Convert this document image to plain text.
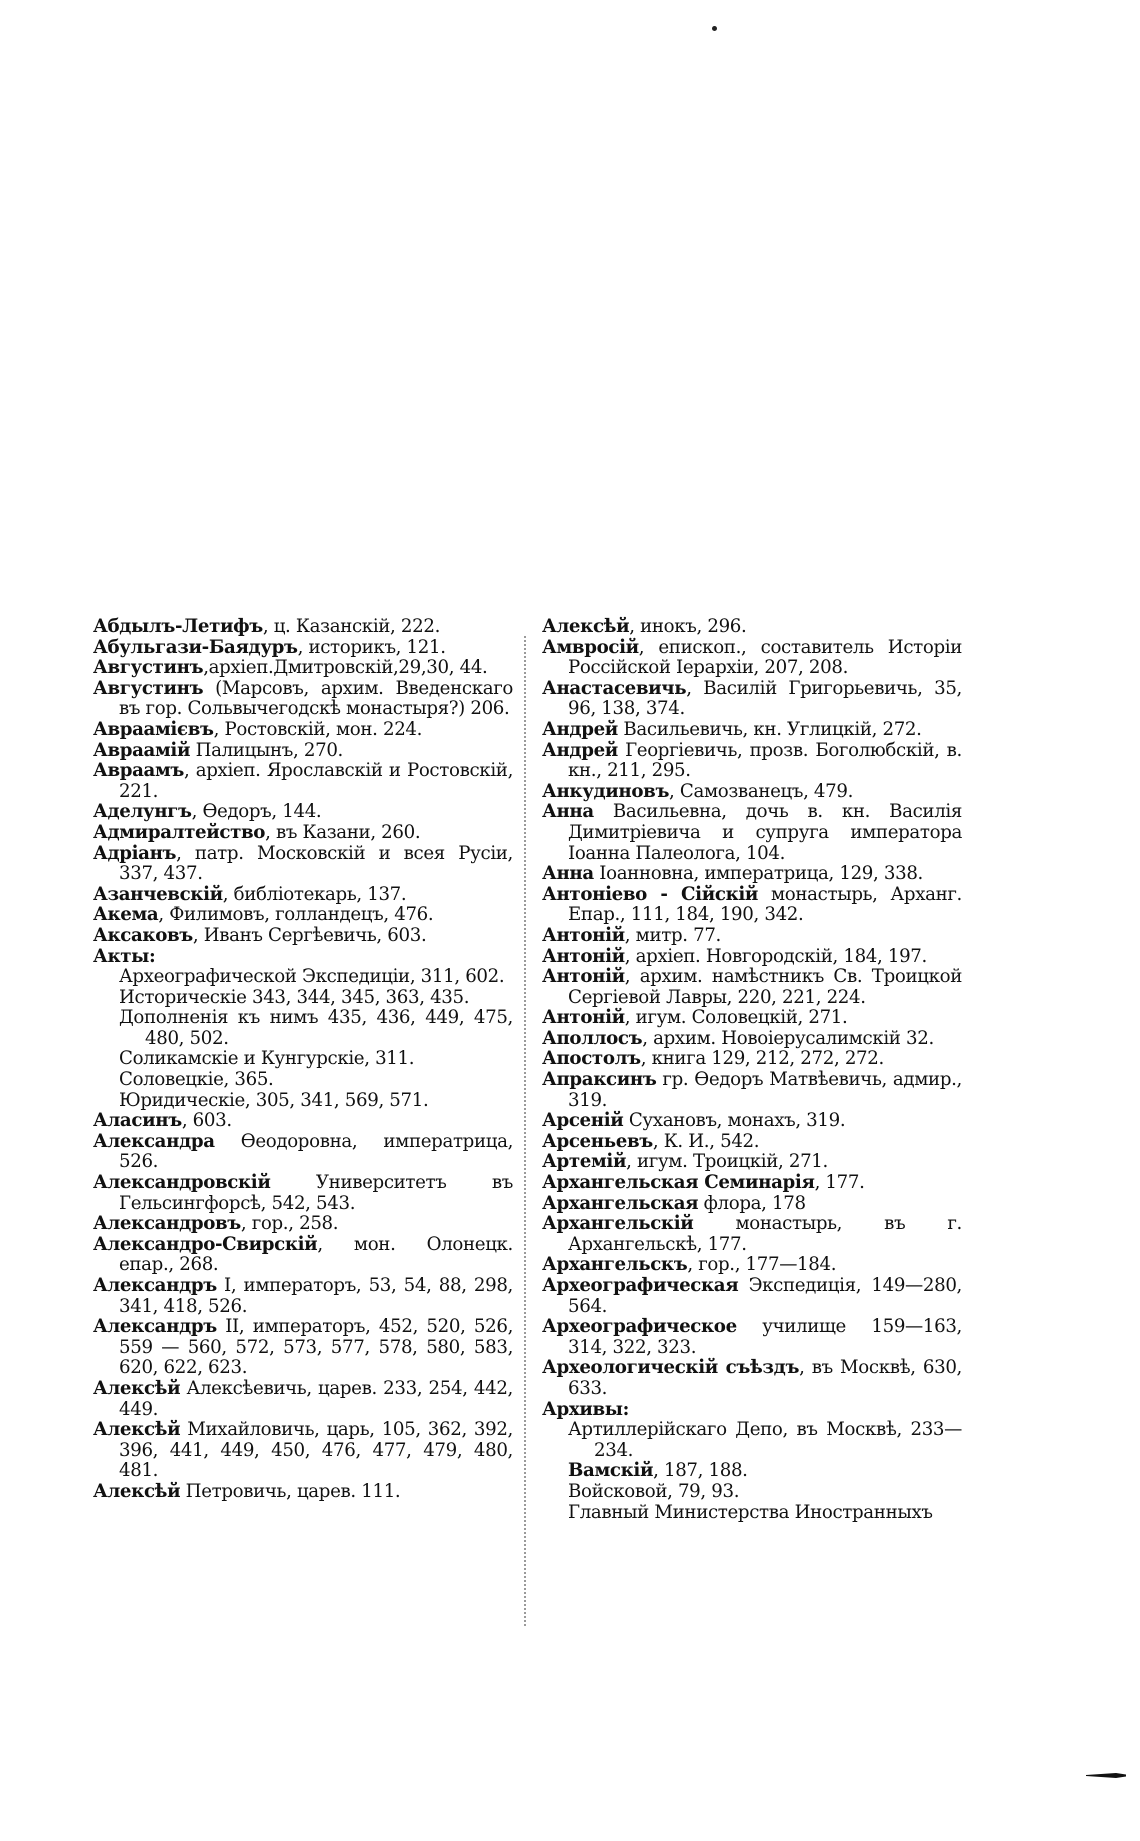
Абдылъ-Летифъ, ц. Казанскій, 222.
Абульгази-Баядуръ, историкъ, 121.
Августинъ,архіеп.Дмитровскій,29,30, 44.
Августинъ (Марсовъ, архим. Введенскаго въ гор. Сольвычегодскѣ монастыря?) 206.
Авраамієвъ, Ростовскій, мон. 224.
Авраамій Палицынъ, 270.
Авраамъ, архіеп. Ярославскій и Ростовскій, 221.
Аделунгъ, Өедоръ, 144.
Адмиралтейство, въ Казани, 260.
Адріанъ, патр. Московскій и всея Русіи, 337, 437.
Азанчевскій, библіотекарь, 137.
Акема, Филимовъ, голландецъ, 476.
Аксаковъ, Иванъ Сергѣевичь, 603.
Акты:
Археографической Экспедиціи, 311, 602.
Историческіе 343, 344, 345, 363, 435.
Дополненія къ нимъ 435, 436, 449, 475, 480, 502.
Соликамскіе и Кунгурскіе, 311.
Соловецкіе, 365.
Юридическіе, 305, 341, 569, 571.
Аласинъ, 603.
Александра Өеодоровна, императрица, 526.
Александровскій Университетъ въ Гельсингфорсѣ, 542, 543.
Александровъ, гор., 258.
Александро-Свирскій, мон. Олонецк. епар., 268.
Александръ I, императоръ, 53, 54, 88, 298, 341, 418, 526.
Александръ II, императоръ, 452, 520, 526, 559 — 560, 572, 573, 577, 578, 580, 583, 620, 622, 623.
Алексѣй Алексѣевичь, царев. 233, 254, 442, 449.
Алексѣй Михайловичь, царь, 105, 362, 392, 396, 441, 449, 450, 476, 477, 479, 480, 481.
Алексѣй Петровичь, царев. 111.
Алексѣй, инокъ, 296.
Амвросій, епископ., составитель Исторіи Россійской Іерархіи, 207, 208.
Анастасевичь, Василій Григорьевичь, 35, 96, 138, 374.
Андрей Васильевичь, кн. Углицкій, 272.
Андрей Георгіевичь, прозв. Боголюбскій, в. кн., 211, 295.
Анкудиновъ, Самозванецъ, 479.
Анна Васильевна, дочь в. кн. Василія Димитріевича и супруга императора Іоанна Палеолога, 104.
Анна Іоанновна, императрица, 129, 338.
Антоніево - Сійскій монастырь, Арханг. Епар., 111, 184, 190, 342.
Антоній, митр. 77.
Антоній, архіеп. Новгородскій, 184, 197.
Антоній, архим. намѣстникъ Св. Троицкой Сергіевой Лавры, 220, 221, 224.
Антоній, игум. Соловецкій, 271.
Аполлосъ, архим. Новоіерусалимскій 32.
Апостолъ, книга 129, 212, 272, 272.
Апраксинъ гр. Өедоръ Матвѣевичь, адмир., 319.
Арсеній Сухановъ, монахъ, 319.
Арсеньевъ, К. И., 542.
Артемій, игум. Троицкій, 271.
Архангельская Семинарія, 177.
Архангельская флора, 178
Архангельскій монастырь, въ г. Архангельскѣ, 177.
Архангельскъ, гор., 177—184.
Археографическая Экспедиція, 149—280, 564.
Археографическое училище 159—163, 314, 322, 323.
Археологическій съѣздъ, въ Москвѣ, 630, 633.
Архивы:
Артиллерійскаго Депо, въ Москвѣ, 233—234.
Вамскій, 187, 188.
Войсковой, 79, 93.
Главный Министерства Иностранныхъ
